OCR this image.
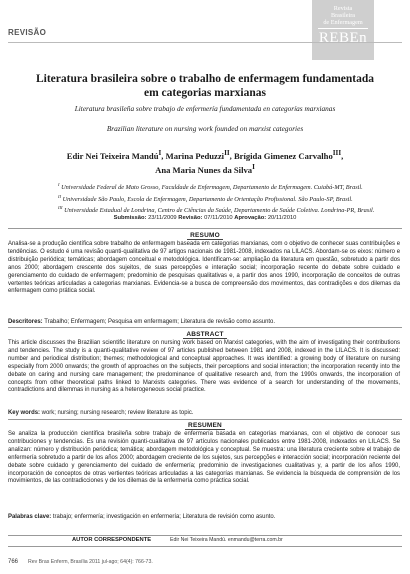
REVISÃO
Revista
Brasileira
de Enfermagem
REBEn
Literatura brasileira sobre o trabalho de enfermagem fundamentada em categorias marxianas

Literatura brasileña sobre trabajo de enfermería fundamentada en categorías marxianas

Brazilian literature on nursing work founded on marxist categories

Edir Nei Teixeira Mandú$^I$, Marina Peduzzi$^{II}$, Brígida Gimenez Carvalho$^{III}$,
Ana Maria Nunes da Silva$^I$

$^I$ Universidade Federal de Mato Grosso, Faculdade de Enfermagem, Departamento de Enfermagem. Cuiabá-MT, Brasil.
$^{II}$ Universidade São Paulo, Escola de Enfermagem, Departamento de Orientação Profissional. São Paulo-SP, Brasil.
$^{III}$ Universidade Estadual de Londrina, Centro de Ciências da Saúde, Departamento de Saúde Coletiva. Londrina-PR, Brasil.
Submissão: 23/11/2009 Revisão: 07/11/2010 Aprovação: 20/11/2010
RESUMO

Analisa-se a produção científica sobre trabalho de enfermagem baseada em categorias marxianas, com o objetivo de conhecer suas contribuições e tendências. O estudo é uma revisão quanti-qualitativa de 97 artigos nacionais de 1981-2008, indexados na LILACS. Abordam-se os eixos: número e distribuição periódica; temáticas; abordagem conceitual e metodológica. Identificam-se: ampliação da literatura em questão, sobretudo a partir dos anos 2000; abordagem crescente dos sujeitos, de suas percepções e interação social; incorporação recente do debate sobre cuidado e gerenciamento do cuidado de enfermagem; predomínio de pesquisas qualitativas e, a partir dos anos 1990, incorporação de conceitos de outras vertentes teóricas articuladas a categorias marxianas. Evidencia-se a busca de compreensão dos movimentos, das contradições e dos dilemas da enfermagem como prática social.

Descritores: Trabalho; Enfermagem; Pesquisa em enfermagem; Literatura de revisão como assunto.

ABSTRACT

This article discusses the Brazilian scientific literature on nursing work based on Marxist categories, with the aim of investigating their contributions and tendencies. The study is a quanti-qualitative review of 97 articles published between 1981 and 2008, indexed in the LILACS. It is discussed: number and periodical distribution; themes; methodological and conceptual approaches. It was identified: a growing body of literature on nursing especially from 2000 onwards; the growth of approaches on the subjects, their perceptions and social interaction; the incorporation recently into the debate on caring and nursing care management; the predominance of qualitative research and, from the 1990s onwards, the incorporation of concepts from other theoretical paths linked to Marxists categories. There was evidence of a search for understanding of the movements, contradictions and dilemmas in nursing as a heterogeneous social practice.

Key words: work; nursing; nursing research; review literature as topic.

RESUMEN

Se analiza la producción científica brasileña sobre trabajo de enfermería basada en categorías marxianas, con el objetivo de conocer sus contribuciones y tendencias. Es una revisión quanti-cualitativa de 97 artículos nacionales publicados entre 1981-2008, indexados en LILACS. Se analizan: número y distribución periódica; temática; abordagem metodológica y conceptual. Se muestra: una literatura creciente sobre el trabajo de enfermería sobretudo a partir de los años 2000; abordagem creciente de los sujetos, sus percepções e interacción social; incorporación reciente del debate sobre cuidado y gerenciamento del cuidado de enfermería; predominio de investigaciones cualitativas y, a partir de los años 1990, incorporación de conceptos de otras vertientes teóricas articuladas a las categorías marxianas. Se evidencia la búsqueda de comprensión de los movimientos, de las contradicciones y de los dilemas de la enfermería como práctica social.

Palabras clave: trabajo; enfermería; investigación en enfermería; Literatura de revisión como asunto.

AUTOR CORRESPONDENTE	Edir Nei Teixeira Mandú. enmandu@terra.com.br
766 Rev Bras Enferm, Brasília 2011 jul-ago; 64(4): 766-73.
